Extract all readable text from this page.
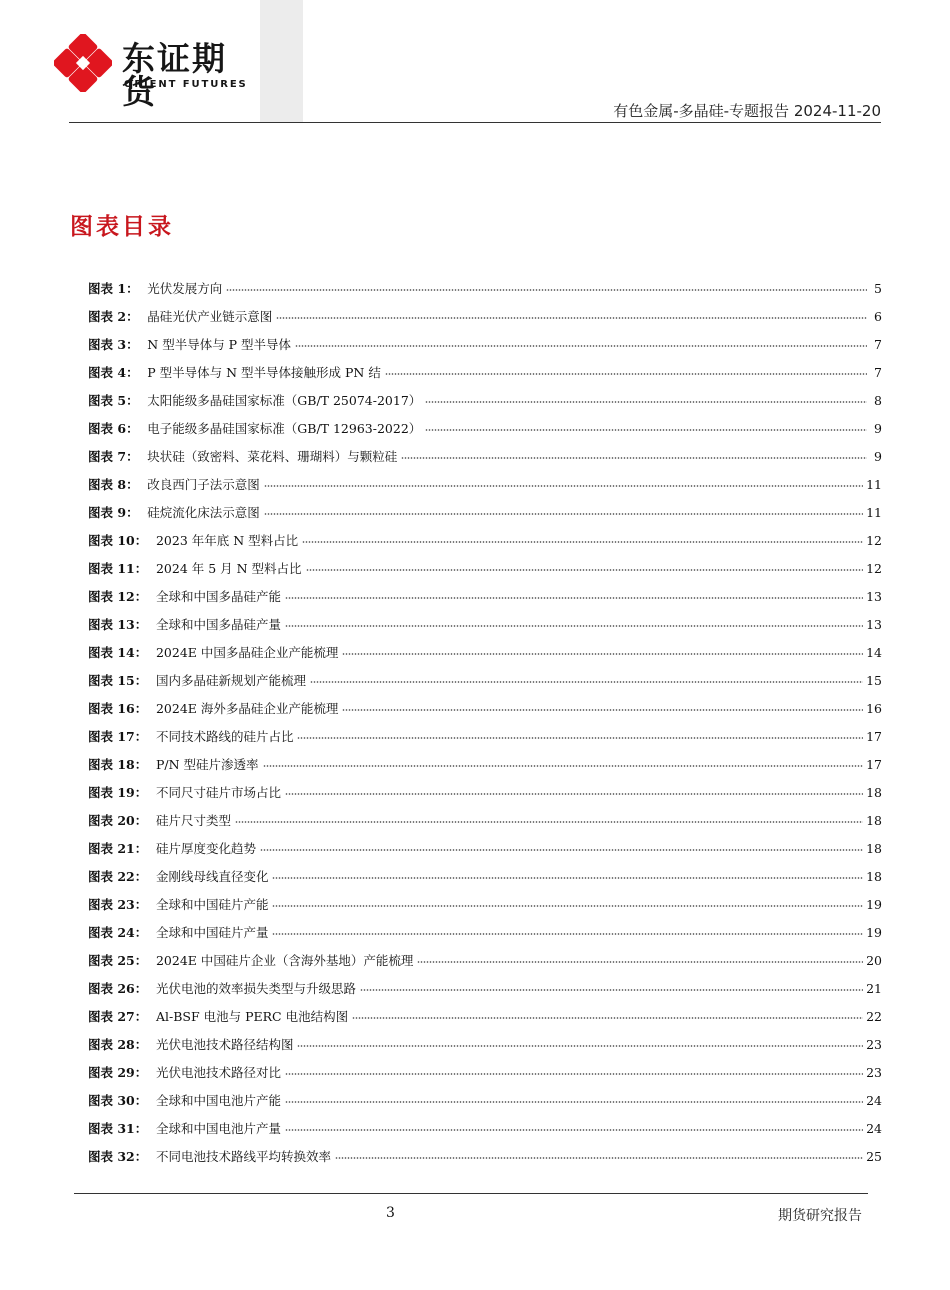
东证期货
ORIENT FUTURES
有色金属-多晶硅-专题报告 2024-11-20
图表目录
图表 1 ： 光伏发展方向	5
图表 2 ： 晶硅光伏产业链示意图	6
图表 3 ： N 型半导体与 P 型半导体	7
图表 4 ： P 型半导体与 N 型半导体接触形成 PN 结	7
图表 5 ： 太阳能级多晶硅国家标准（GB/T 25074-2017）	8
图表 6 ： 电子能级多晶硅国家标准（GB/T 12963-2022）	9
图表 7 ： 块状硅（致密料、菜花料、珊瑚料）与颗粒硅	9
图表 8 ： 改良西门子法示意图	11
图表 9 ： 硅烷流化床法示意图	11
图表 10 ： 2023 年年底 N 型料占比	12
图表 11 ： 2024 年 5 月 N 型料占比	12
图表 12 ： 全球和中国多晶硅产能	13
图表 13 ： 全球和中国多晶硅产量	13
图表 14 ： 2024E 中国多晶硅企业产能梳理	14
图表 15 ： 国内多晶硅新规划产能梳理	15
图表 16 ： 2024E 海外多晶硅企业产能梳理	16
图表 17 ： 不同技术路线的硅片占比	17
图表 18 ： P/N 型硅片渗透率	17
图表 19 ： 不同尺寸硅片市场占比	18
图表 20 ： 硅片尺寸类型	18
图表 21 ： 硅片厚度变化趋势	18
图表 22 ： 金刚线母线直径变化	18
图表 23 ： 全球和中国硅片产能	19
图表 24 ： 全球和中国硅片产量	19
图表 25 ： 2024E 中国硅片企业（含海外基地）产能梳理	20
图表 26 ： 光伏电池的效率损失类型与升级思路	21
图表 27 ： Al-BSF 电池与 PERC 电池结构图	22
图表 28 ： 光伏电池技术路径结构图	23
图表 29 ： 光伏电池技术路径对比	23
图表 30 ： 全球和中国电池片产能	24
图表 31 ： 全球和中国电池片产量	24
图表 32 ： 不同电池技术路线平均转换效率	25
3	期货研究报告
